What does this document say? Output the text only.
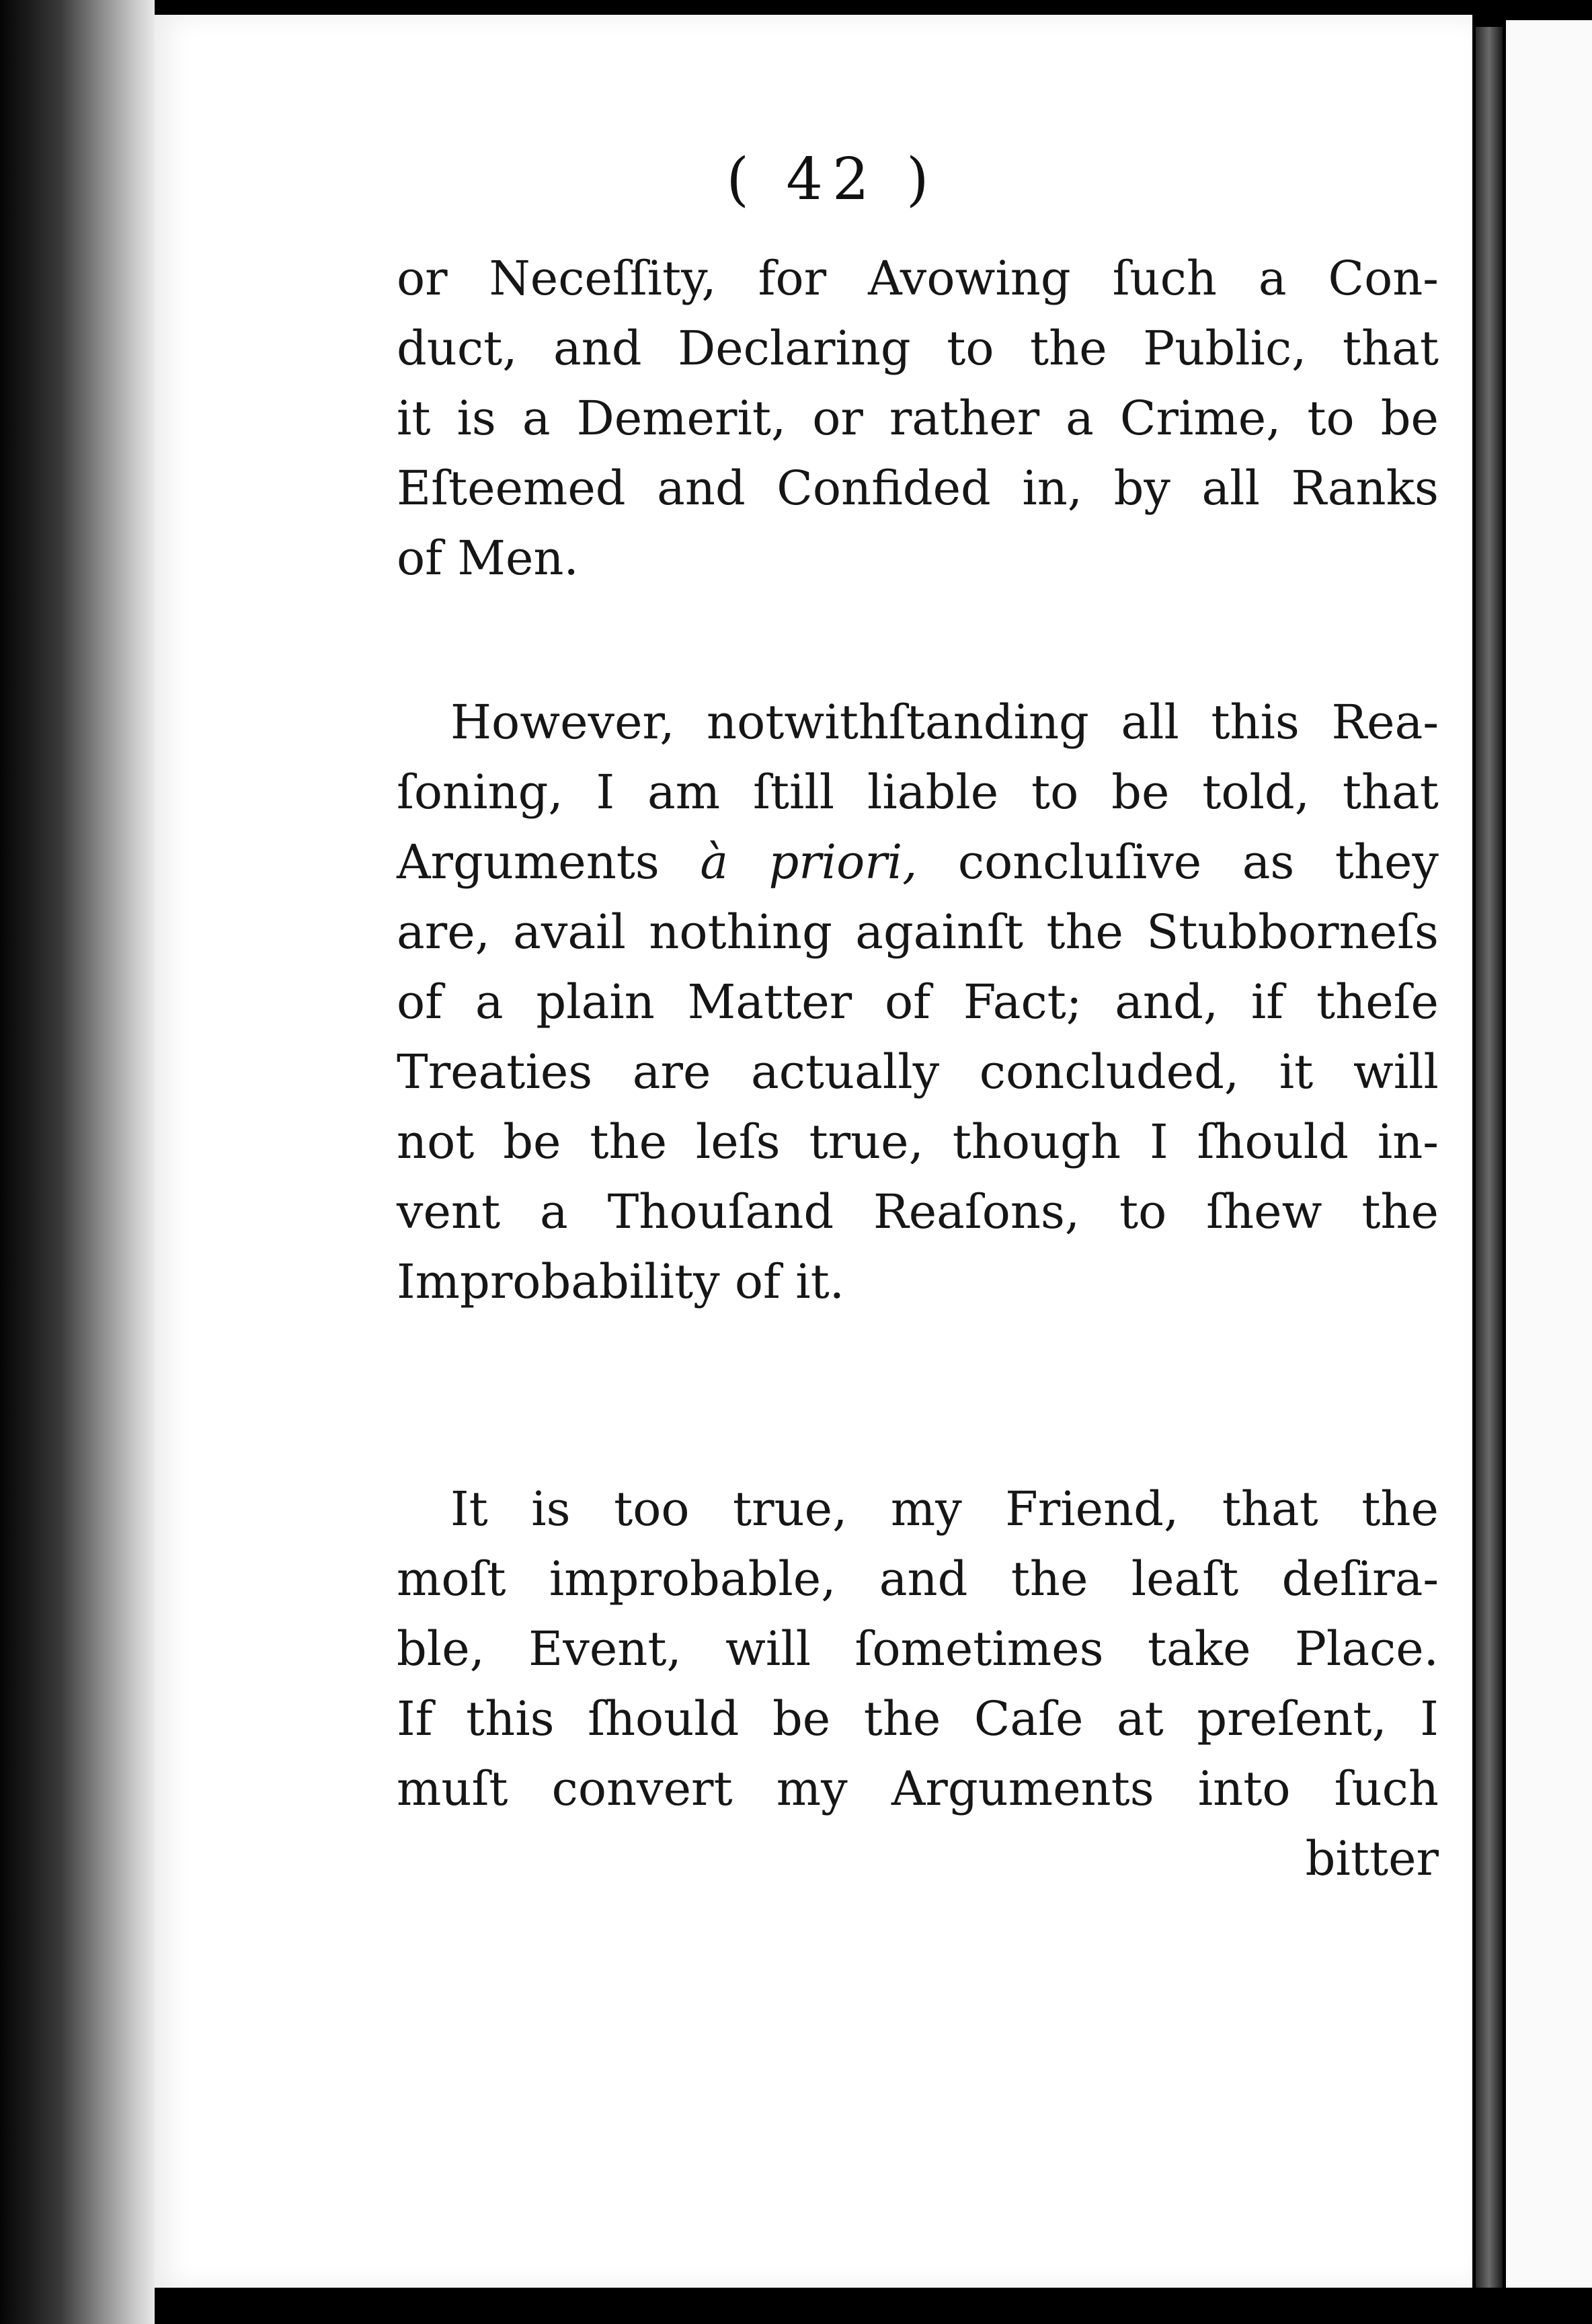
( 42 )
or Neceſſity, for Avowing ſuch a Con-
duct, and Declaring to the Public, that
it is a Demerit, or rather a Crime, to be
Eſteemed and Confided in, by all Ranks
of Men.
However, notwithſtanding all this Rea-
ſoning, I am ſtill liable to be told, that
Arguments à priori, concluſive as they
are, avail nothing againſt the Stubborneſs
of a plain Matter of Fact; and, if theſe
Treaties are actually concluded, it will
not be the leſs true, though I ſhould in-
vent a Thouſand Reaſons, to ſhew the
Improbability of it.
It is too true, my Friend, that the
moſt improbable, and the leaſt deſira-
ble, Event, will ſometimes take Place.
If this ſhould be the Caſe at preſent, I
muſt convert my Arguments into ſuch
bitter
